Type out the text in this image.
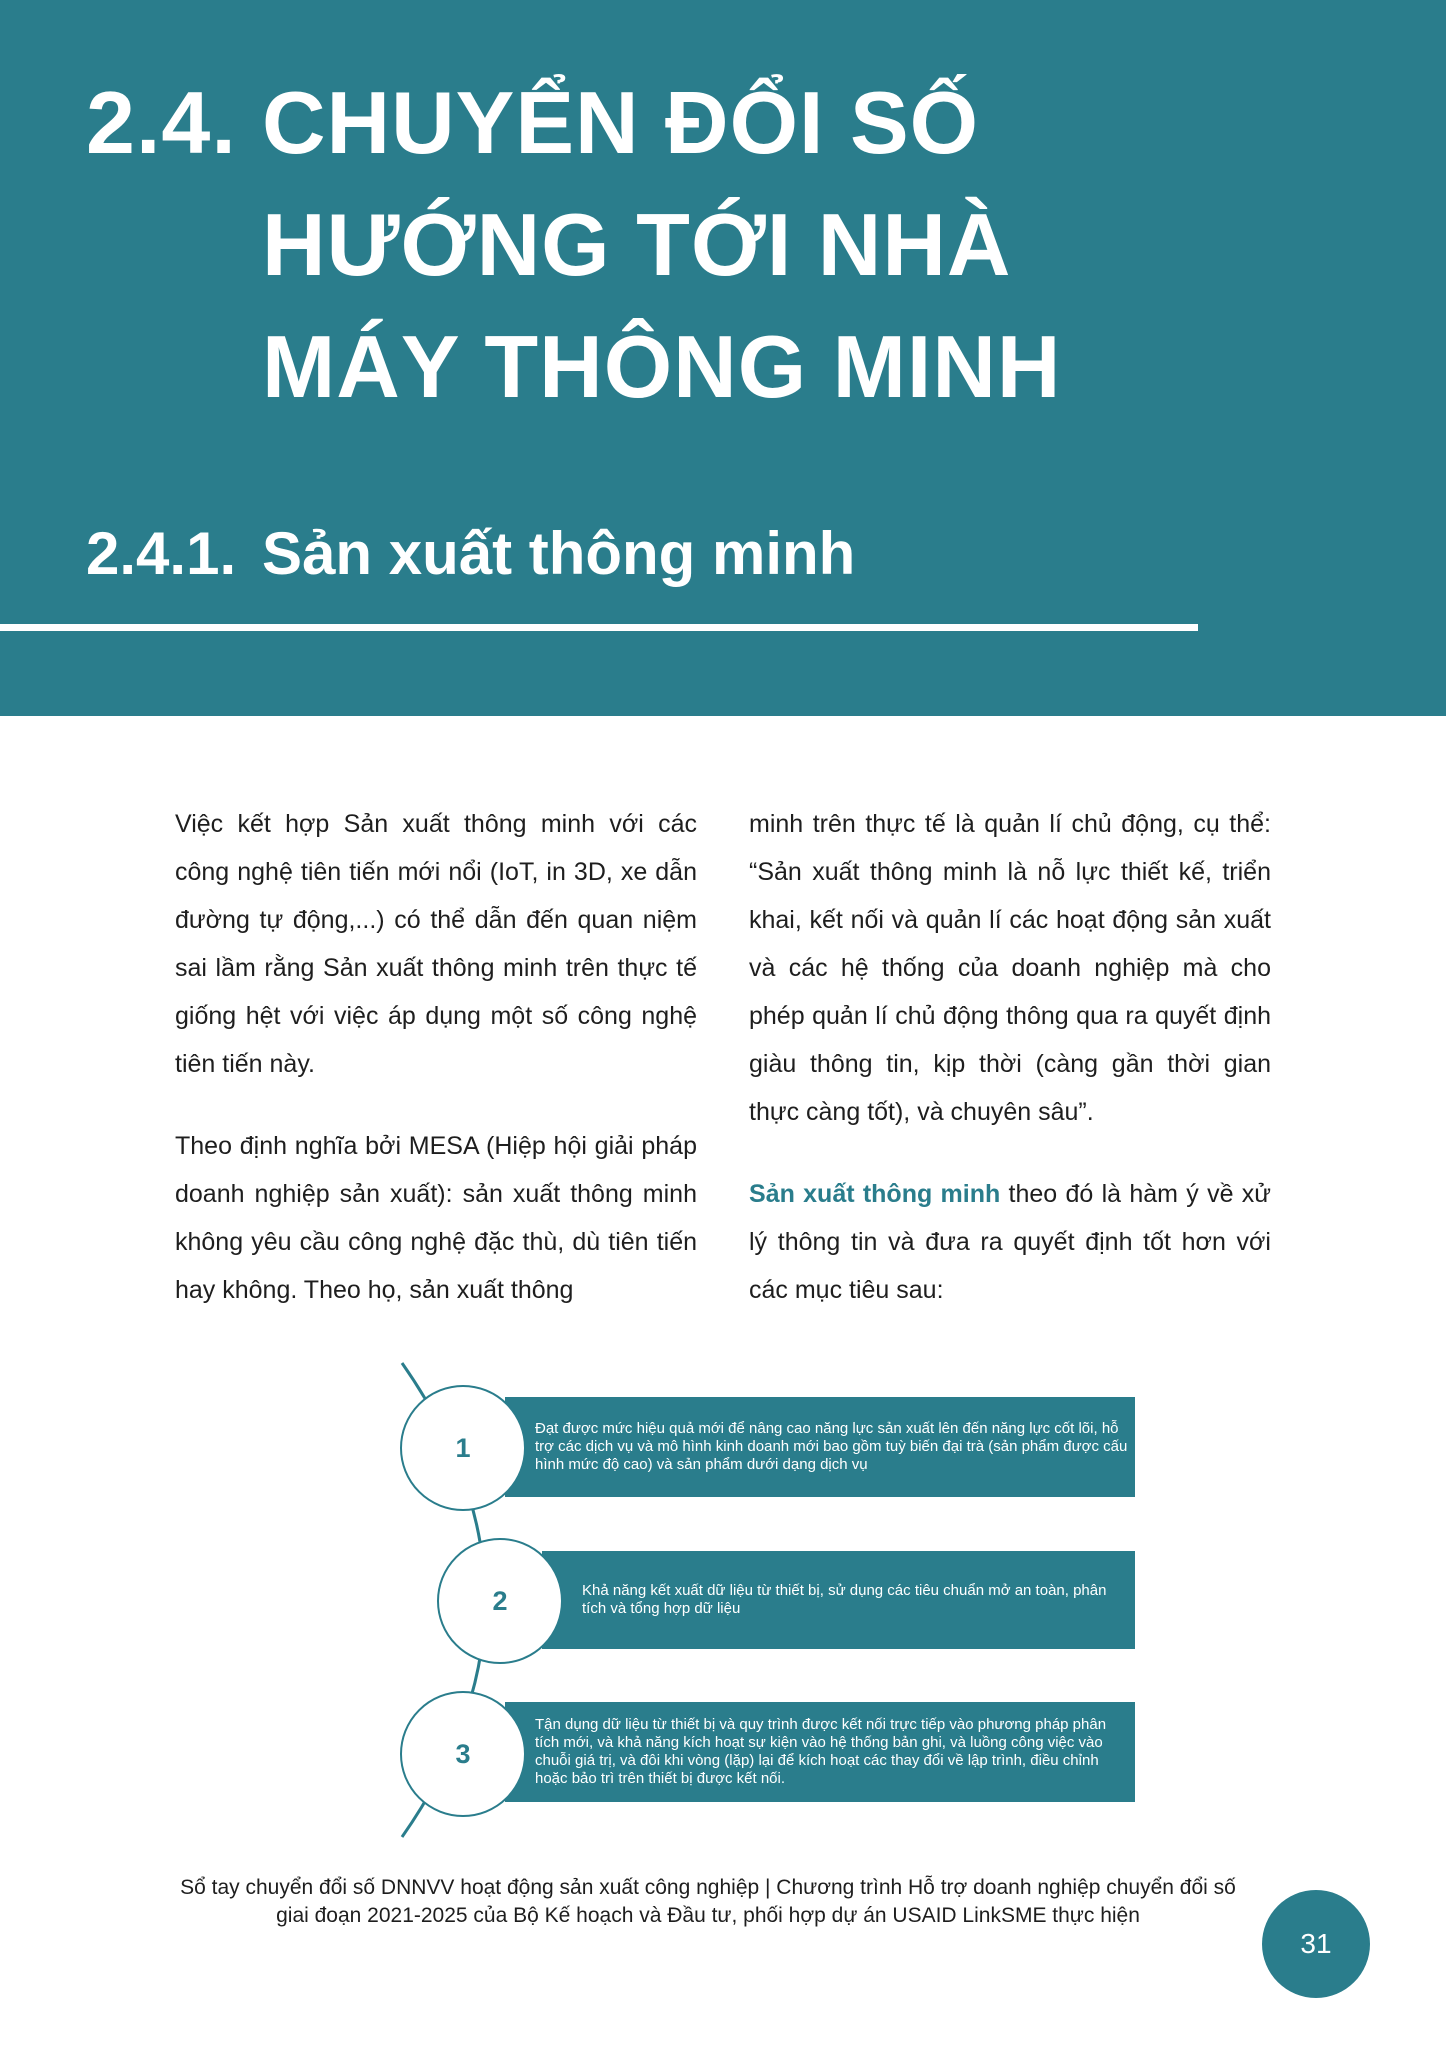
2.4. CHUYỂN ĐỔI SỐ
HƯỚNG TỚI NHÀ
MÁY THÔNG MINH
2.4.1. Sản xuất thông minh

Việc kết hợp Sản xuất thông minh với các công nghệ tiên tiến mới nổi (IoT, in 3D, xe dẫn đường tự động,...) có thể dẫn đến quan niệm sai lầm rằng Sản xuất thông minh trên thực tế giống hệt với việc áp dụng một số công nghệ tiên tiến này.

Theo định nghĩa bởi MESA (Hiệp hội giải pháp doanh nghiệp sản xuất): sản xuất thông minh không yêu cầu công nghệ đặc thù, dù tiên tiến hay không. Theo họ, sản xuất thông

minh trên thực tế là quản lí chủ động, cụ thể: “Sản xuất thông minh là nỗ lực thiết kế, triển khai, kết nối và quản lí các hoạt động sản xuất và các hệ thống của doanh nghiệp mà cho phép quản lí chủ động thông qua ra quyết định giàu thông tin, kịp thời (càng gần thời gian thực càng tốt), và chuyên sâu”.

Sản xuất thông minh theo đó là hàm ý về xử lý thông tin và đưa ra quyết định tốt hơn với các mục tiêu sau:

Đạt được mức hiệu quả mới để nâng cao năng lực sản xuất lên đến năng lực cốt lõi, hỗ trợ các dịch vụ và mô hình kinh doanh mới bao gồm tuỳ biến đại trà (sản phẩm được cấu hình mức độ cao) và sản phẩm dưới dạng dịch vụ
1
Khả năng kết xuất dữ liệu từ thiết bị, sử dụng các tiêu chuẩn mở an toàn, phân tích và tổng hợp dữ liệu
2
Tận dụng dữ liệu từ thiết bị và quy trình được kết nối trực tiếp vào phương pháp phân tích mới, và khả năng kích hoạt sự kiện vào hệ thống bản ghi, và luồng công việc vào chuỗi giá trị, và đôi khi vòng (lặp) lại để kích hoạt các thay đổi về lập trình, điều chỉnh hoặc bảo trì trên thiết bị được kết nối.
3
Sổ tay chuyển đổi số DNNVV hoạt động sản xuất công nghiệp | Chương trình Hỗ trợ doanh nghiệp chuyển đổi số
giai đoạn 2021-2025 của Bộ Kế hoạch và Đầu tư, phối hợp dự án USAID LinkSME thực hiện
31
